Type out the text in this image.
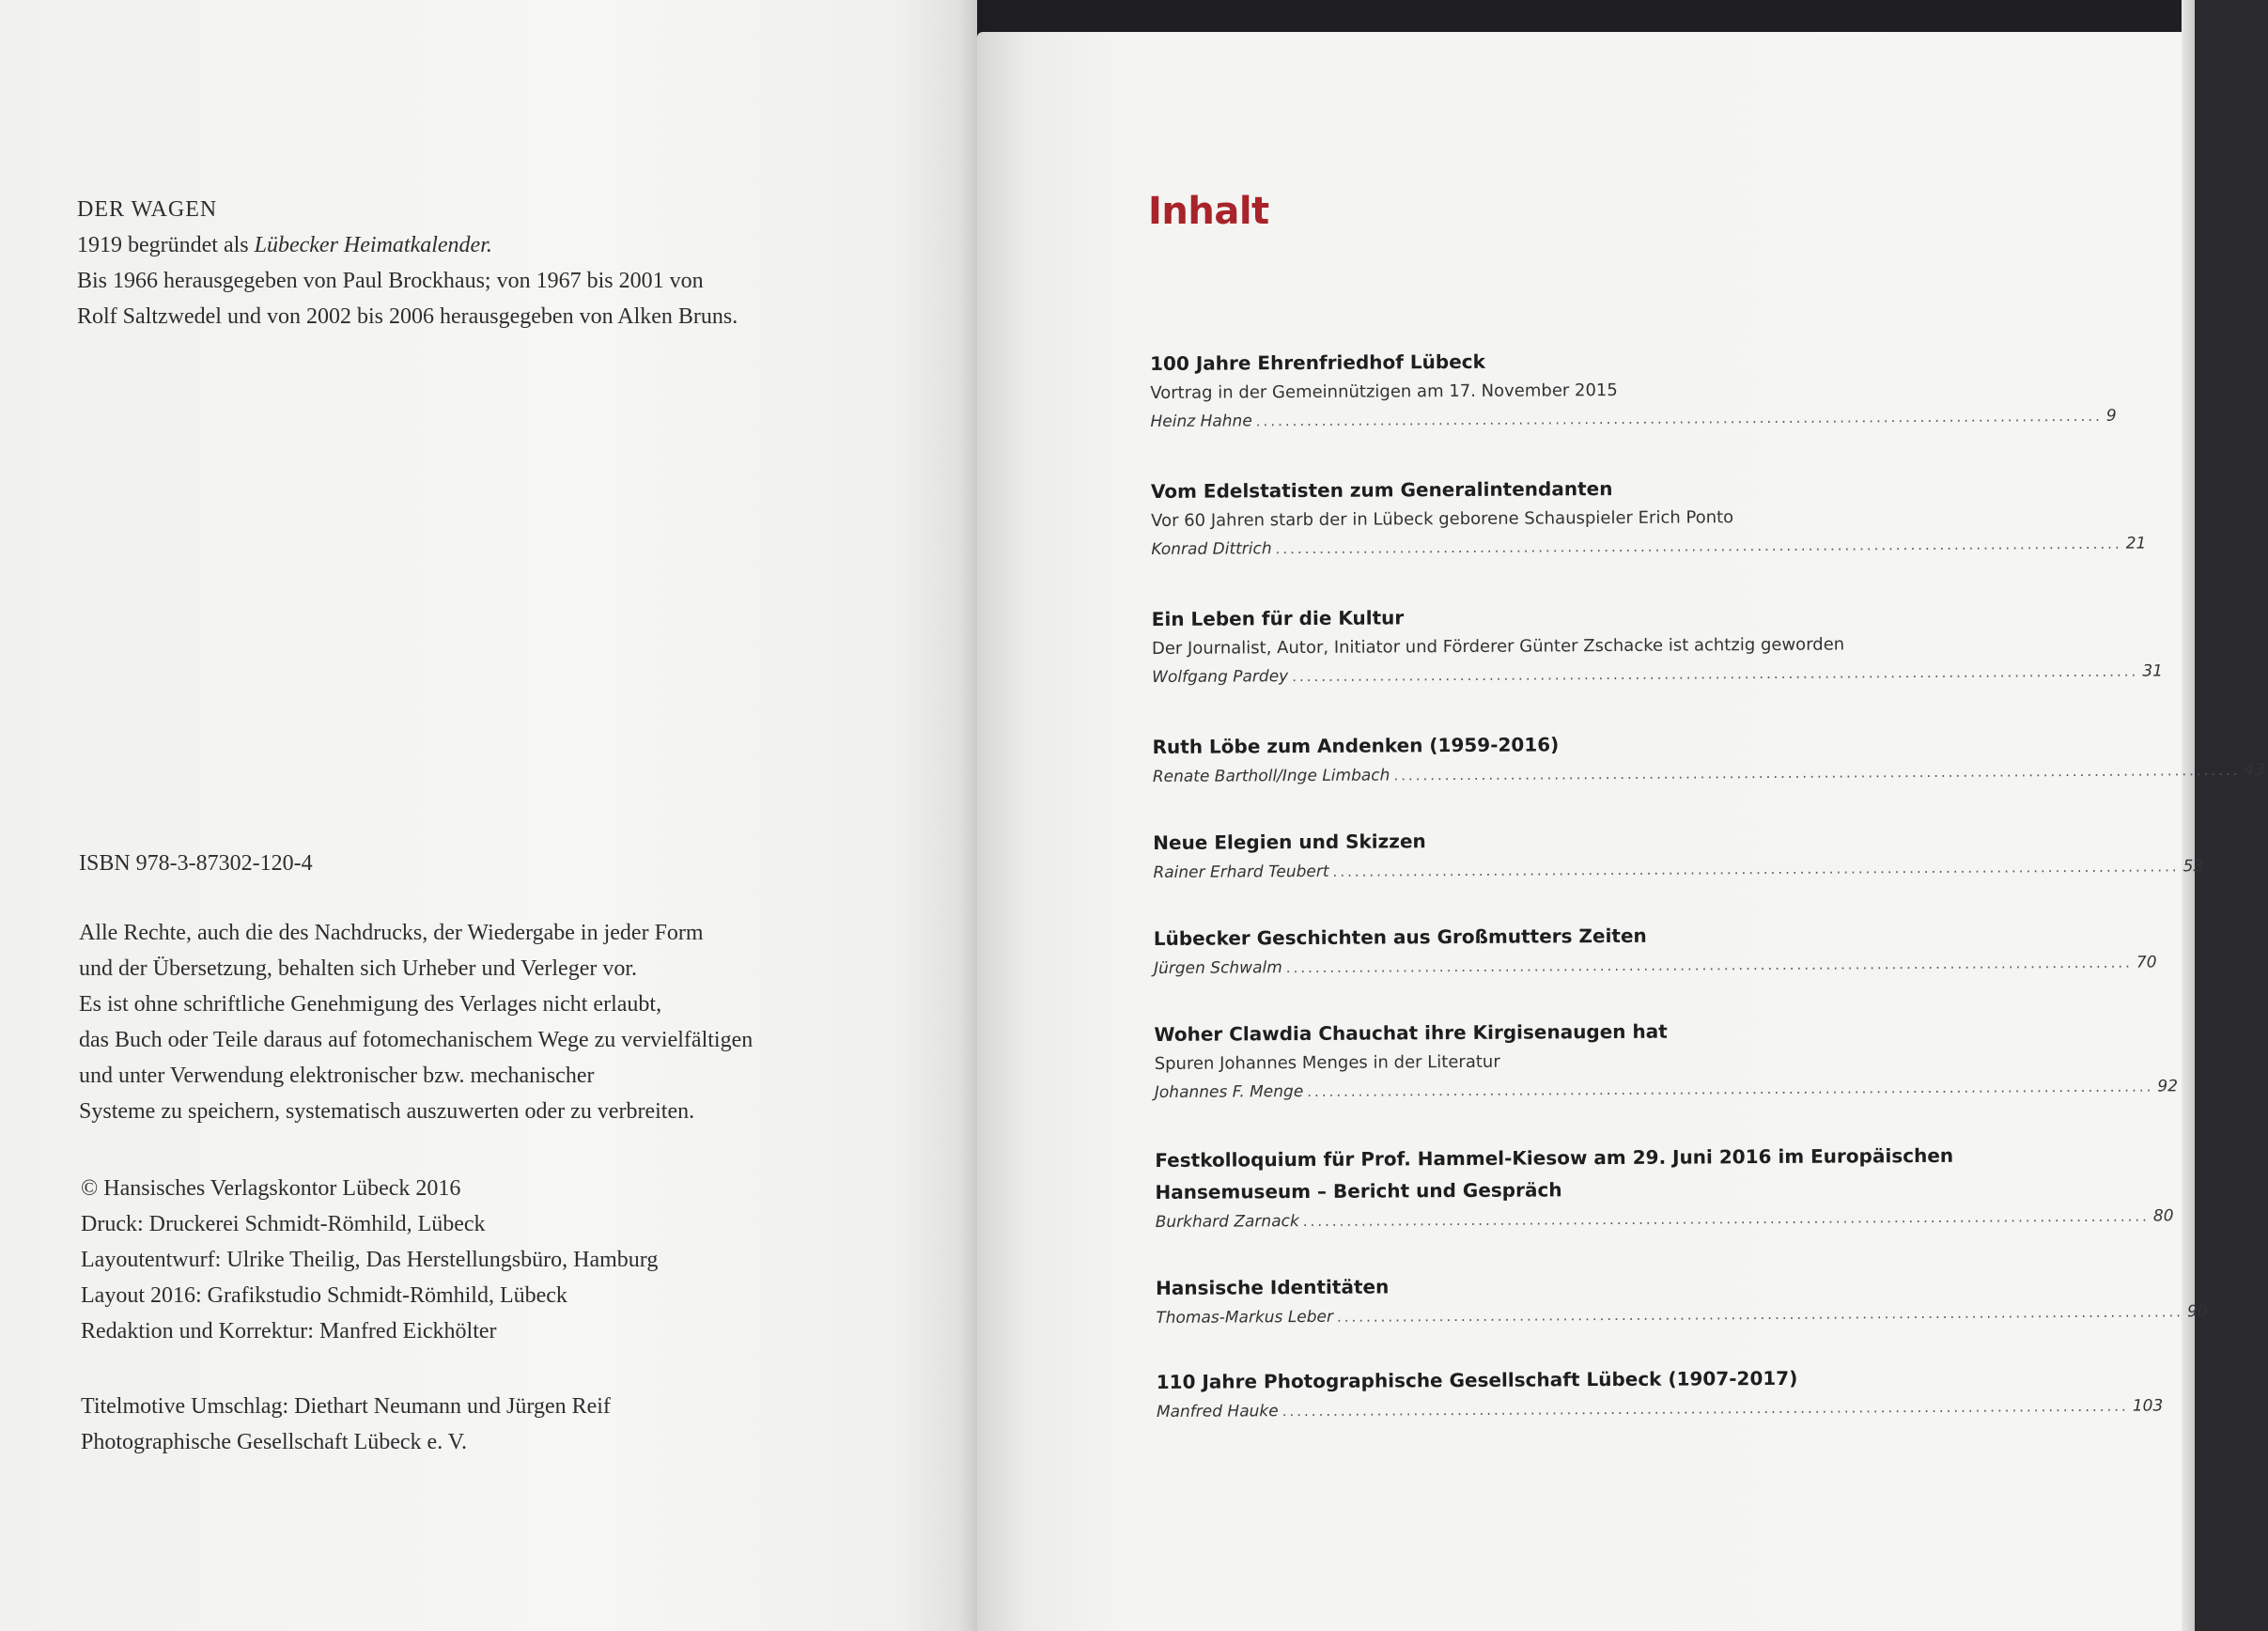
DER WAGEN
1919 begründet als Lübecker Heimatkalender.
Bis 1966 herausgegeben von Paul Brockhaus; von 1967 bis 2001 von
Rolf Saltzwedel und von 2002 bis 2006 herausgegeben von Alken Bruns.
ISBN 978-3-87302-120-4
Alle Rechte, auch die des Nachdrucks, der Wiedergabe in jeder Form
und der Übersetzung, behalten sich Urheber und Verleger vor.
Es ist ohne schriftliche Genehmigung des Verlages nicht erlaubt,
das Buch oder Teile daraus auf fotomechanischem Wege zu vervielfältigen
und unter Verwendung elektronischer bzw. mechanischer
Systeme zu speichern, systematisch auszuwerten oder zu verbreiten.
© Hansisches Verlagskontor Lübeck 2016
Druck: Druckerei Schmidt-Römhild, Lübeck
Layoutentwurf: Ulrike Theilig, Das Herstellungsbüro, Hamburg
Layout 2016: Grafikstudio Schmidt-Römhild, Lübeck
Redaktion und Korrektur: Manfred Eickhölter
Titelmotive Umschlag: Diethart Neumann und Jürgen Reif
Photographische Gesellschaft Lübeck e. V.
Inhalt
100 Jahre Ehrenfriedhof Lübeck
Vortrag in der Gemeinnützigen am 17. November 2015
Heinz Hahne .................................................................................................................... 9
Vom Edelstatisten zum Generalintendanten
Vor 60 Jahren starb der in Lübeck geborene Schauspieler Erich Ponto
Konrad Dittrich .................................................................................................................... 21
Ein Leben für die Kultur
Der Journalist, Autor, Initiator und Förderer Günter Zschacke ist achtzig geworden
Wolfgang Pardey .................................................................................................................... 31
Ruth Löbe zum Andenken (1959-2016)
Renate Bartholl/Inge Limbach .................................................................................................................... 43
Neue Elegien und Skizzen
Rainer Erhard Teubert .................................................................................................................... 53
Lübecker Geschichten aus Großmutters Zeiten
Jürgen Schwalm .................................................................................................................... 70
Woher Clawdia Chauchat ihre Kirgisenaugen hat
Spuren Johannes Menges in der Literatur
Johannes F. Menge .................................................................................................................... 92
Festkolloquium für Prof. Hammel-Kiesow am 29. Juni 2016 im Europäischen
Hansemuseum – Bericht und Gespräch
Burkhard Zarnack .................................................................................................................... 80
Hansische Identitäten
Thomas-Markus Leber .................................................................................................................... 90
110 Jahre Photographische Gesellschaft Lübeck (1907-2017)
Manfred Hauke .................................................................................................................... 103
